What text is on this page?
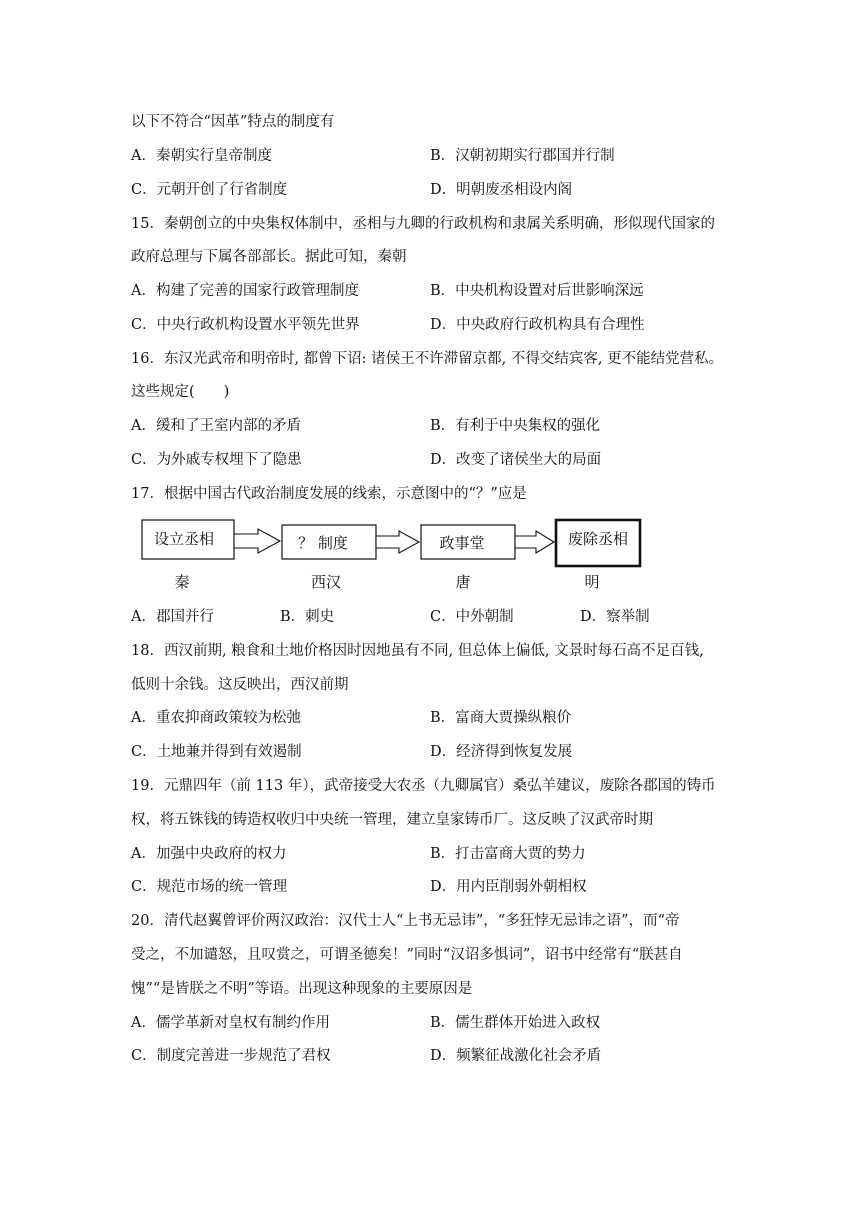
以下不符合“因革”特点的制度有
A．秦朝实行皇帝制度	B．汉朝初期实行郡国并行制
C．元朝开创了行省制度	D．明朝废丞相设内阁
15．秦朝创立的中央集权体制中，丞相与九卿的行政机构和隶属关系明确，形似现代国家的
政府总理与下属各部部长。据此可知，秦朝
A．构建了完善的国家行政管理制度	B．中央机构设置对后世影响深远
C．中央行政机构设置水平领先世界	D．中央政府行政机构具有合理性
16．东汉光武帝和明帝时, 都曾下诏: 诸侯王不许滞留京都, 不得交结宾客, 更不能结党营私。
这些规定(　　)
A．缓和了王室内部的矛盾	B．有利于中央集权的强化
C．为外戚专权埋下了隐患	D．改变了诸侯坐大的局面
17．根据中国古代政治制度发展的线索，示意图中的“？”应是
设立丞相	？ 制度	政事堂	废除丞相
秦	西汉	唐	明
A．郡国并行	B．刺史	C．中外朝制	D．察举制
18．西汉前期, 粮食和土地价格因时因地虽有不同, 但总体上偏低, 文景时每石高不足百钱,
低则十余钱。这反映出，西汉前期
A．重农抑商政策较为松弛	B．富商大贾操纵粮价
C．土地兼并得到有效遏制	D．经济得到恢复发展
19．元鼎四年（前 113 年），武帝接受大农丞（九卿属官）桑弘羊建议，废除各郡国的铸币
权，将五铢钱的铸造权收归中央统一管理，建立皇家铸币厂。这反映了汉武帝时期
A．加强中央政府的权力	B．打击富商大贾的势力
C．规范市场的统一管理	D．用内臣削弱外朝相权
20．清代赵翼曾评价两汉政治：汉代士人“上书无忌讳”，“多狂悖无忌讳之语”，而“帝
受之，不加谴怒，且叹赏之，可谓圣德矣！”同时“汉诏多惧词”，诏书中经常有“朕甚自
愧”“是皆朕之不明”等语。出现这种现象的主要原因是
A．儒学革新对皇权有制约作用	B．儒生群体开始进入政权
C．制度完善进一步规范了君权	D．频繁征战激化社会矛盾
